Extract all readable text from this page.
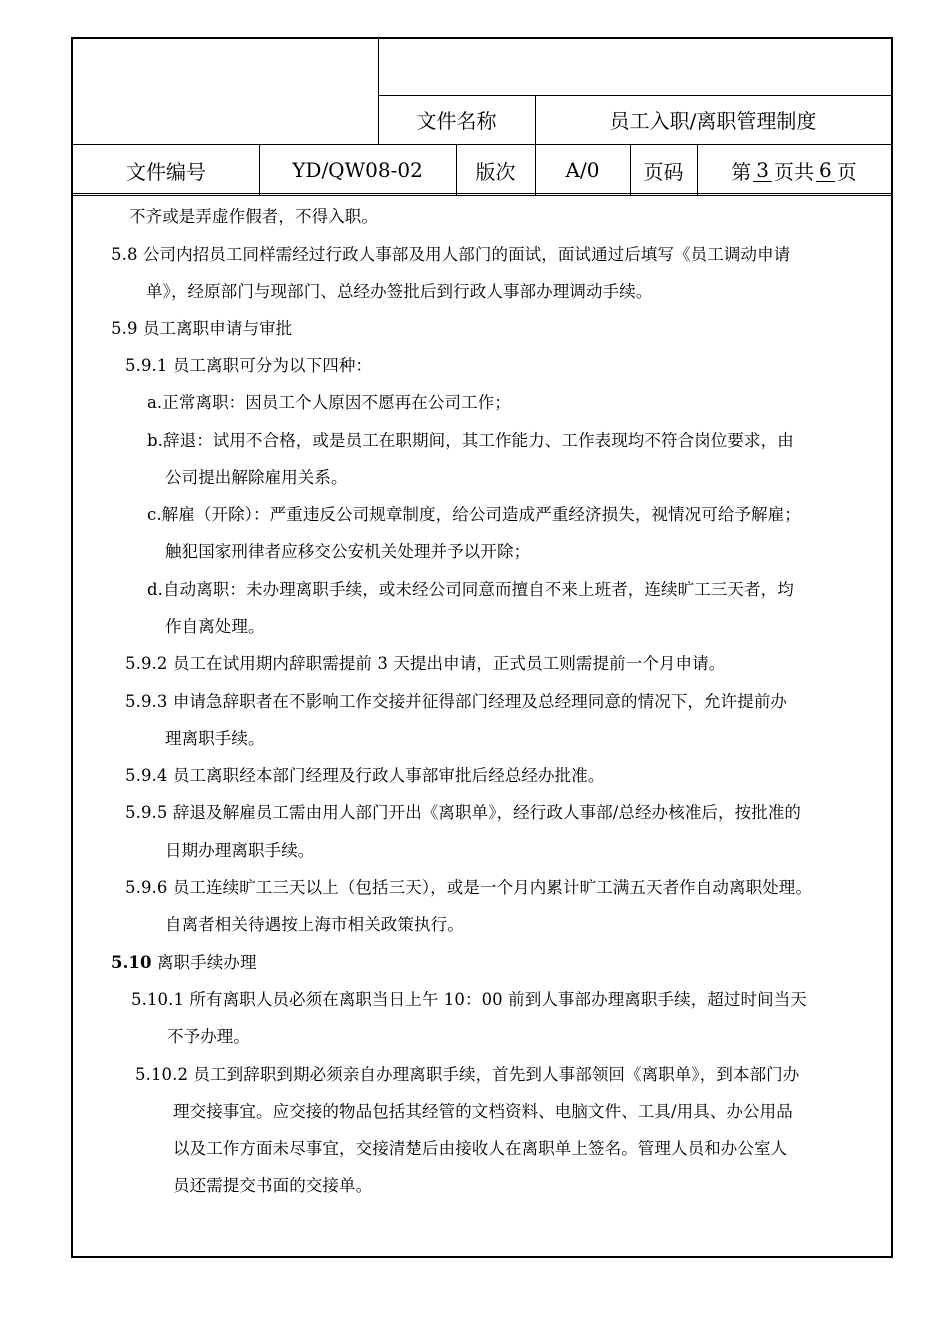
文件名称	员工入职/离职管理制度
文件编号	YD/QW08-02	版次	A/0	页码	第 3 页共 6 页
不齐或是弄虚作假者，不得入职。
5.8 公司内招员工同样需经过行政人事部及用人部门的面试，面试通过后填写《员工调动申请
单》，经原部门与现部门、总经办签批后到行政人事部办理调动手续。
5.9 员工离职申请与审批
5.9.1 员工离职可分为以下四种：
a.正常离职：因员工个人原因不愿再在公司工作；
b.辞退：试用不合格，或是员工在职期间，其工作能力、工作表现均不符合岗位要求，由
公司提出解除雇用关系。
c.解雇（开除）：严重违反公司规章制度，给公司造成严重经济损失，视情况可给予解雇；
触犯国家刑律者应移交公安机关处理并予以开除；
d.自动离职：未办理离职手续，或未经公司同意而擅自不来上班者，连续旷工三天者，均
作自离处理。
5.9.2 员工在试用期内辞职需提前 3 天提出申请，正式员工则需提前一个月申请。
5.9.3 申请急辞职者在不影响工作交接并征得部门经理及总经理同意的情况下，允许提前办
理离职手续。
5.9.4 员工离职经本部门经理及行政人事部审批后经总经办批准。
5.9.5 辞退及解雇员工需由用人部门开出《离职单》，经行政人事部/总经办核准后，按批准的
日期办理离职手续。
5.9.6 员工连续旷工三天以上（包括三天），或是一个月内累计旷工满五天者作自动离职处理。
自离者相关待遇按上海市相关政策执行。
5.10 离职手续办理
5.10.1 所有离职人员必须在离职当日上午 10：00 前到人事部办理离职手续，超过时间当天
不予办理。
5.10.2 员工到辞职到期必须亲自办理离职手续，首先到人事部领回《离职单》，到本部门办
理交接事宜。应交接的物品包括其经管的文档资料、电脑文件、工具/用具、办公用品
以及工作方面未尽事宜，交接清楚后由接收人在离职单上签名。管理人员和办公室人
员还需提交书面的交接单。
